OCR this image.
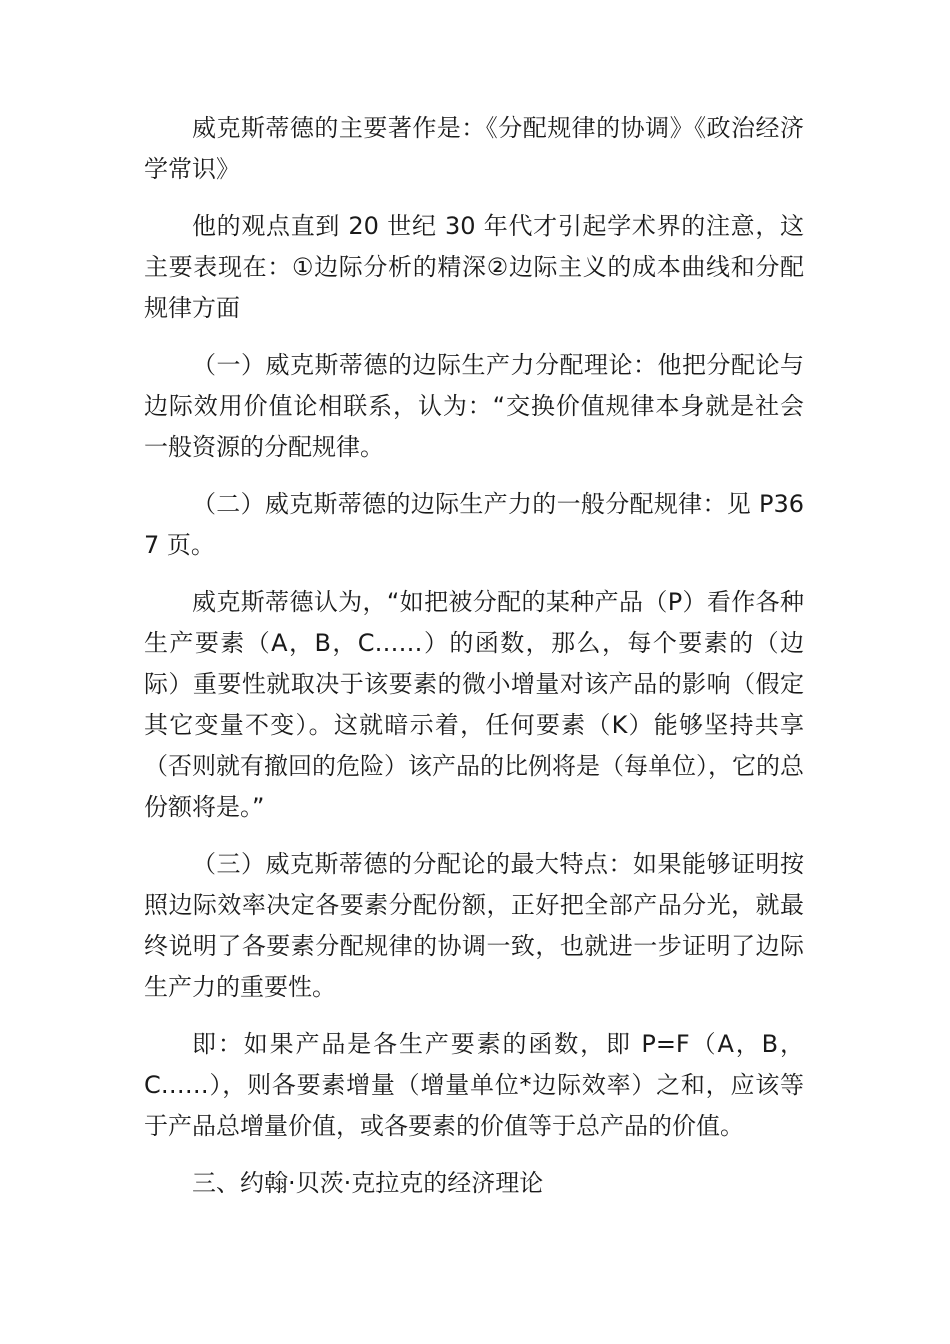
威克斯蒂德的主要著作是：《分配规律的协调》《政治经济学常识》

他的观点直到 20 世纪 30 年代才引起学术界的注意，这主要表现在：①边际分析的精深②边际主义的成本曲线和分配规律方面

（一）威克斯蒂德的边际生产力分配理论：他把分配论与边际效用价值论相联系，认为：“交换价值规律本身就是社会一般资源的分配规律。

（二）威克斯蒂德的边际生产力的一般分配规律：见 P367 页。

威克斯蒂德认为，“如把被分配的某种产品（P）看作各种生产要素（A，B，C……）的函数，那么，每个要素的（边际）重要性就取决于该要素的微小增量对该产品的影响（假定其它变量不变）。这就暗示着，任何要素（K）能够坚持共享（否则就有撤回的危险）该产品的比例将是（每单位），它的总份额将是。”

（三）威克斯蒂德的分配论的最大特点：如果能够证明按照边际效率决定各要素分配份额，正好把全部产品分光，就最终说明了各要素分配规律的协调一致，也就进一步证明了边际生产力的重要性。

即：如果产品是各生产要素的函数，即 P=F（A，B，C……），则各要素增量（增量单位*边际效率）之和，应该等于产品总增量价值，或各要素的价值等于总产品的价值。

三、约翰·贝茨·克拉克的经济理论
